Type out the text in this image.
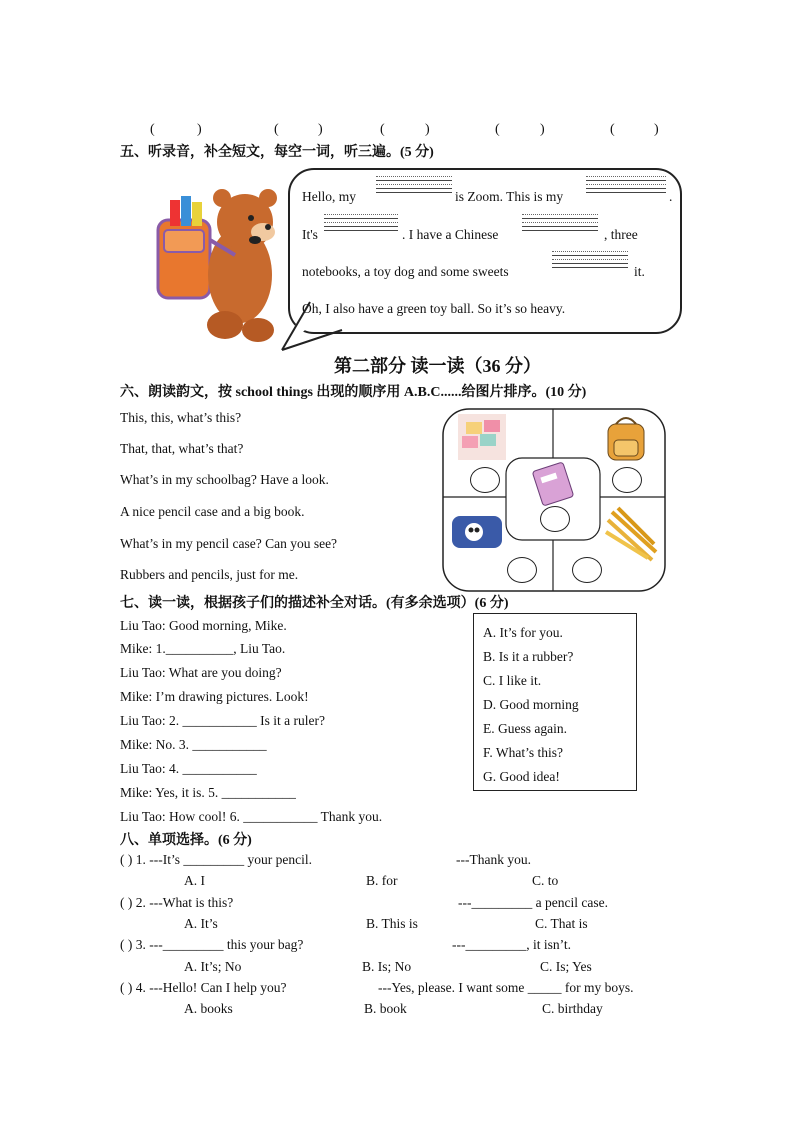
(	)	(	)	(	)	(	)	(	)
五、听录音，补全短文，每空一词，听三遍。(5 分)
Hello, my	is Zoom. This is my	.
It's	. I have a Chinese	, three
notebooks, a toy dog and some sweets	it.
Oh, I also have a green toy ball. So it’s so heavy.
第二部分 读一读（36 分）
六、朗读韵文，按 school things 出现的顺序用 A.B.C......给图片排序。(10 分)
This, this, what’s this?
That, that, what’s that?
What’s in my schoolbag? Have a look.
A nice pencil case and a big book.
What’s in my pencil case? Can you see?
Rubbers and pencils, just for me.
七、读一读，根据孩子们的描述补全对话。(有多余选项）(6 分)
Liu Tao: Good morning, Mike.
Mike: 1.__________, Liu Tao.
Liu Tao: What are you doing?
Mike: I’m drawing pictures. Look!
Liu Tao: 2. ___________ Is it a ruler?
Mike: No. 3. ___________
Liu Tao: 4. ___________
Mike: Yes, it is. 5. ___________
Liu Tao: How cool! 6. ___________ Thank you.
A. It’s for you.
B. Is it a rubber?
C. I like it.
D. Good morning
E. Guess again.
F. What’s this?
G. Good idea!
八、单项选择。(6 分)
( ) 1. ---It’s _________ your pencil.	---Thank you.
A. I	B. for	C. to
( ) 2. ---What is this?	---_________ a pencil case.
A. It’s	B. This is	C. That is
( ) 3. ---_________ this your bag?	---_________, it isn’t.
A. It’s; No	B. Is; No	C. Is; Yes
( ) 4. ---Hello! Can I help you?	---Yes, please. I want some _____ for my boys.
A. books	B. book	C. birthday
